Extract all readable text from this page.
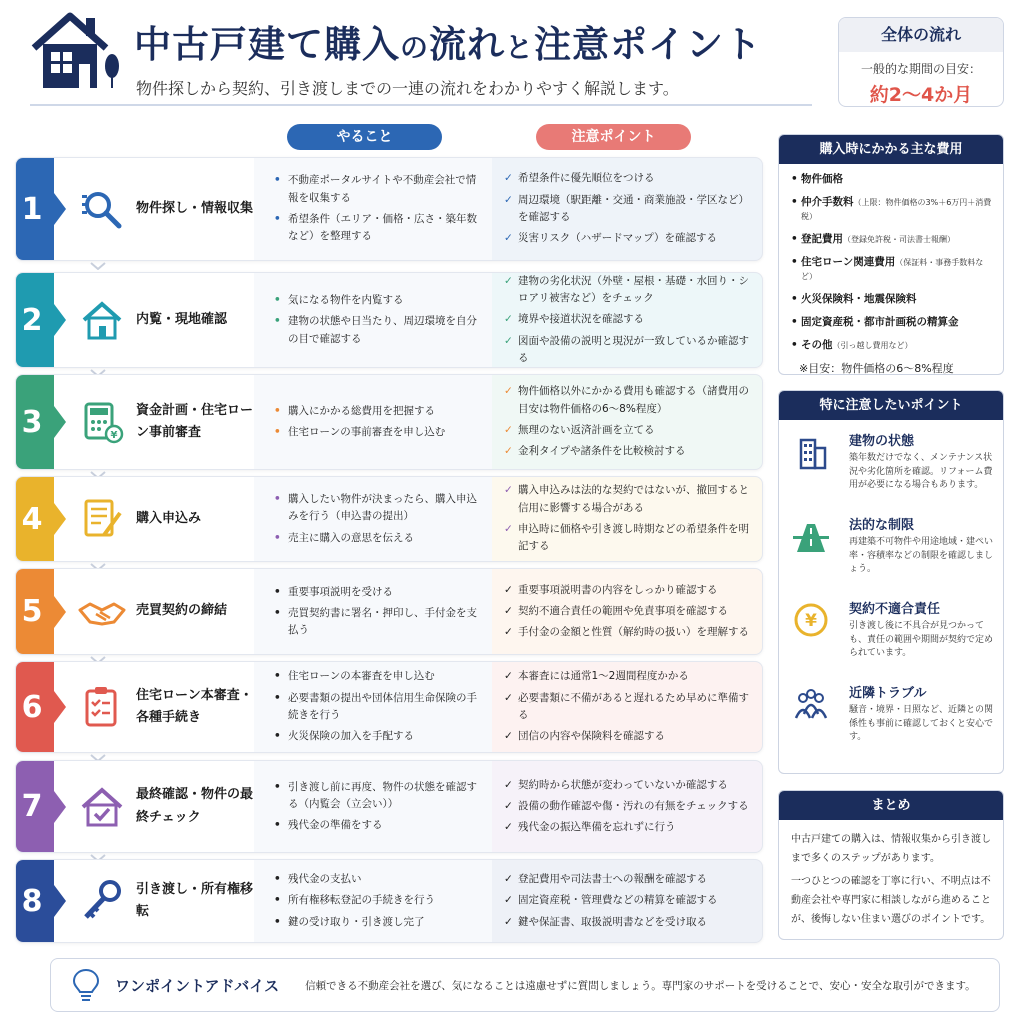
中古戸建て購入の流れと注意ポイント
物件探しから契約、引き渡しまでの一連の流れをわかりやすく解説します。
全体の流れ
一般的な期間の目安：
約2～4か月
やること	注意ポイント
1	物件探し・情報収集
• 不動産ポータルサイトや不動産会社で情報を収集する
• 希望条件（エリア・価格・広さ・築年数など）を整理する
✓ 希望条件に優先順位をつける
✓ 周辺環境（駅距離・交通・商業施設・学区など）を確認する
✓ 災害リスク（ハザードマップ）を確認する
2	内覧・現地確認
• 気になる物件を内覧する
• 建物の状態や日当たり、周辺環境を自分の目で確認する
✓ 建物の劣化状況（外壁・屋根・基礎・水回り・シロアリ被害など）をチェック
✓ 境界や接道状況を確認する
✓ 図面や設備の説明と現況が一致しているか確認する
3	¥
資金計画・住宅ローン事前審査
• 購入にかかる総費用を把握する
• 住宅ローンの事前審査を申し込む
✓ 物件価格以外にかかる費用も確認する（諸費用の目安は物件価格の6～8%程度）
✓ 無理のない返済計画を立てる
✓ 金利タイプや諸条件を比較検討する
4	購入申込み
• 購入したい物件が決まったら、購入申込みを行う（申込書の提出）
• 売主に購入の意思を伝える
✓ 購入申込みは法的な契約ではないが、撤回すると信用に影響する場合がある
✓ 申込時に価格や引き渡し時期などの希望条件を明記する
5	売買契約の締結
• 重要事項説明を受ける
• 売買契約書に署名・押印し、手付金を支払う
✓ 重要事項説明書の内容をしっかり確認する
✓ 契約不適合責任の範囲や免責事項を確認する
✓ 手付金の金額と性質（解約時の扱い）を理解する
6	住宅ローン本審査・各種手続き
• 住宅ローンの本審査を申し込む
• 必要書類の提出や団体信用生命保険の手続きを行う
• 火災保険の加入を手配する
✓ 本審査には通常1～2週間程度かかる
✓ 必要書類に不備があると遅れるため早めに準備する
✓ 団信の内容や保険料を確認する
7	最終確認・物件の最終チェック
• 引き渡し前に再度、物件の状態を確認する（内覧会（立会い））
• 残代金の準備をする
✓ 契約時から状態が変わっていないか確認する
✓ 設備の動作確認や傷・汚れの有無をチェックする
✓ 残代金の振込準備を忘れずに行う
8	引き渡し・所有権移転
• 残代金の支払い
• 所有権移転登記の手続きを行う
• 鍵の受け取り・引き渡し完了
✓ 登記費用や司法書士への報酬を確認する
✓ 固定資産税・管理費などの精算を確認する
✓ 鍵や保証書、取扱説明書などを受け取る
購入時にかかる主な費用
• 物件価格
• 仲介手数料（上限：物件価格の3%＋6万円＋消費税）
• 登記費用（登録免許税・司法書士報酬）
• 住宅ローン関連費用（保証料・事務手数料など）
• 火災保険料・地震保険料
• 固定資産税・都市計画税の精算金
• その他（引っ越し費用など）
※目安：物件価格の6～8%程度
特に注意したいポイント
建物の状態
築年数だけでなく、メンテナンス状況や劣化箇所を確認。リフォーム費用が必要になる場合もあります。
法的な制限
再建築不可物件や用途地域・建ぺい率・容積率などの制限を確認しましょう。
¥
契約不適合責任
引き渡し後に不具合が見つかっても、責任の範囲や期間が契約で定められています。
近隣トラブル
騒音・境界・日照など、近隣との関係性も事前に確認しておくと安心です。
まとめ

中古戸建ての購入は、情報収集から引き渡しまで多くのステップがあります。

一つひとつの確認を丁寧に行い、不明点は不動産会社や専門家に相談しながら進めることが、後悔しない住まい選びのポイントです。

ワンポイントアドバイス 信頼できる不動産会社を選び、気になることは遠慮せずに質問しましょう。専門家のサポートを受けることで、安心・安全な取引ができます。
